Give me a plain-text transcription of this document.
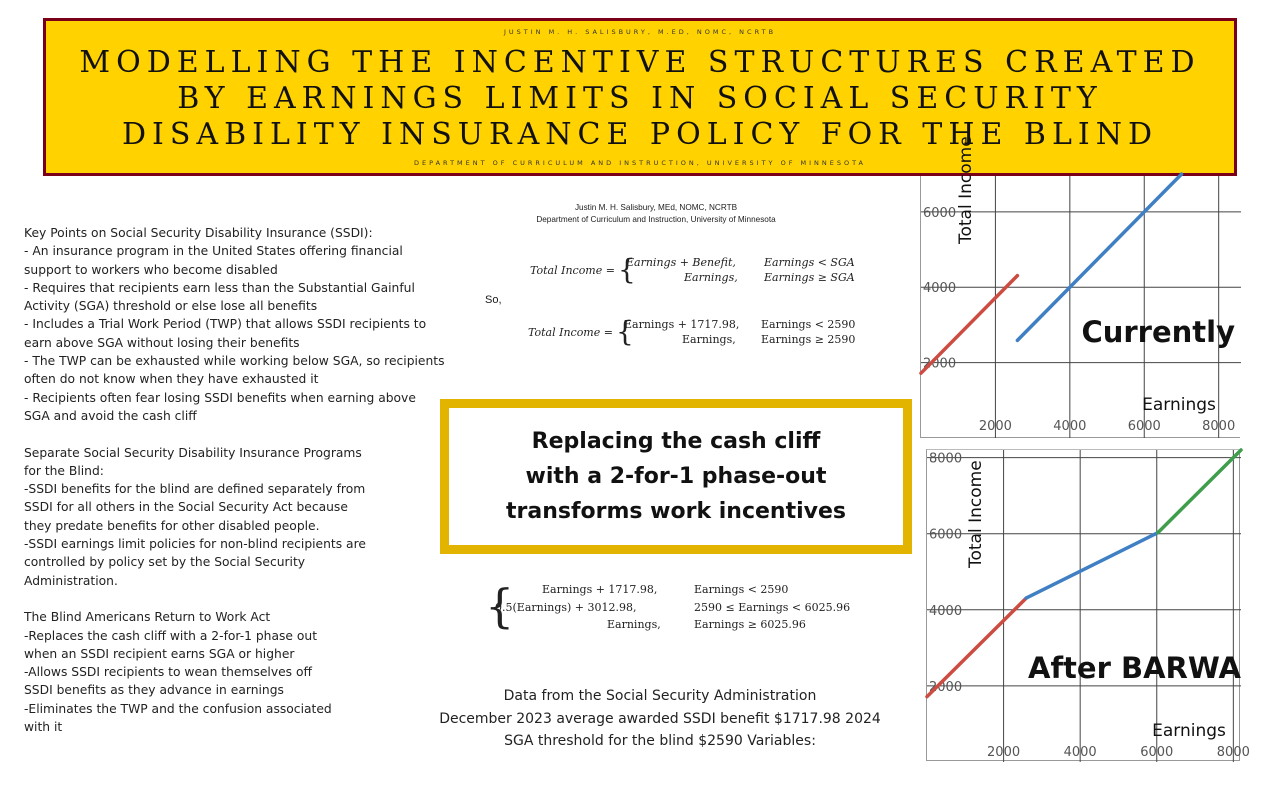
JUSTIN M. H. SALISBURY, M.ED, NOMC, NCRTB
MODELLING THE INCENTIVE STRUCTURES CREATED
BY EARNINGS LIMITS IN SOCIAL SECURITY
DISABILITY INSURANCE POLICY FOR THE BLIND
DEPARTMENT OF CURRICULUM AND INSTRUCTION, UNIVERSITY OF MINNESOTA
Key Points on Social Security Disability Insurance (SSDI):
- An insurance program in the United States offering financial
support to workers who become disabled
- Requires that recipients earn less than the Substantial Gainful
Activity (SGA) threshold or else lose all benefits
- Includes a Trial Work Period (TWP) that allows SSDI recipients to
earn above SGA without losing their benefits
- The TWP can be exhausted while working below SGA, so recipients
often do not know when they have exhausted it
- Recipients often fear losing SSDI benefits when earning above
SGA and avoid the cash cliff
Separate Social Security Disability Insurance Programs
for the Blind:
-SSDI benefits for the blind are defined separately from
SSDI for all others in the Social Security Act because
they predate benefits for other disabled people.
-SSDI earnings limit policies for non-blind recipients are
controlled by policy set by the Social Security
Administration.
The Blind Americans Return to Work Act
-Replaces the cash cliff with a 2-for-1 phase out
when an SSDI recipient earns SGA or higher
-Allows SSDI recipients to wean themselves off
SSDI benefits as they advance in earnings
-Eliminates the TWP and the confusion associated
with it
Justin M. H. Salisbury, MEd, NOMC, NCRTB
Department of Curriculum and Instruction, University of Minnesota
Total Income = {
Earnings + Benefit,	Earnings < SGA
Earnings, Earnings ≥ SGA
So,
Total Income = {
Earnings + 1717.98, Earnings < 2590
Earnings, Earnings ≥ 2590
Replacing the cash cliff
with a 2-for-1 phase-out
transforms work incentives
{	Earnings + 1717.98,	Earnings < 2590
0.5(Earnings) + 3012.98,	2590 ≤ Earnings < 6025.96
Earnings,	Earnings ≥ 6025.96
Data from the Social Security Administration
December 2023 average awarded SSDI benefit $1717.98 2024
SGA threshold for the blind $2590 Variables:
2000	4000	6000	8000
2000
4000
6000 Total Income
Earnings
Currently
2000	4000	6000	8000
2000
4000
6000
8000
Total Income
Earnings
After BARWA
